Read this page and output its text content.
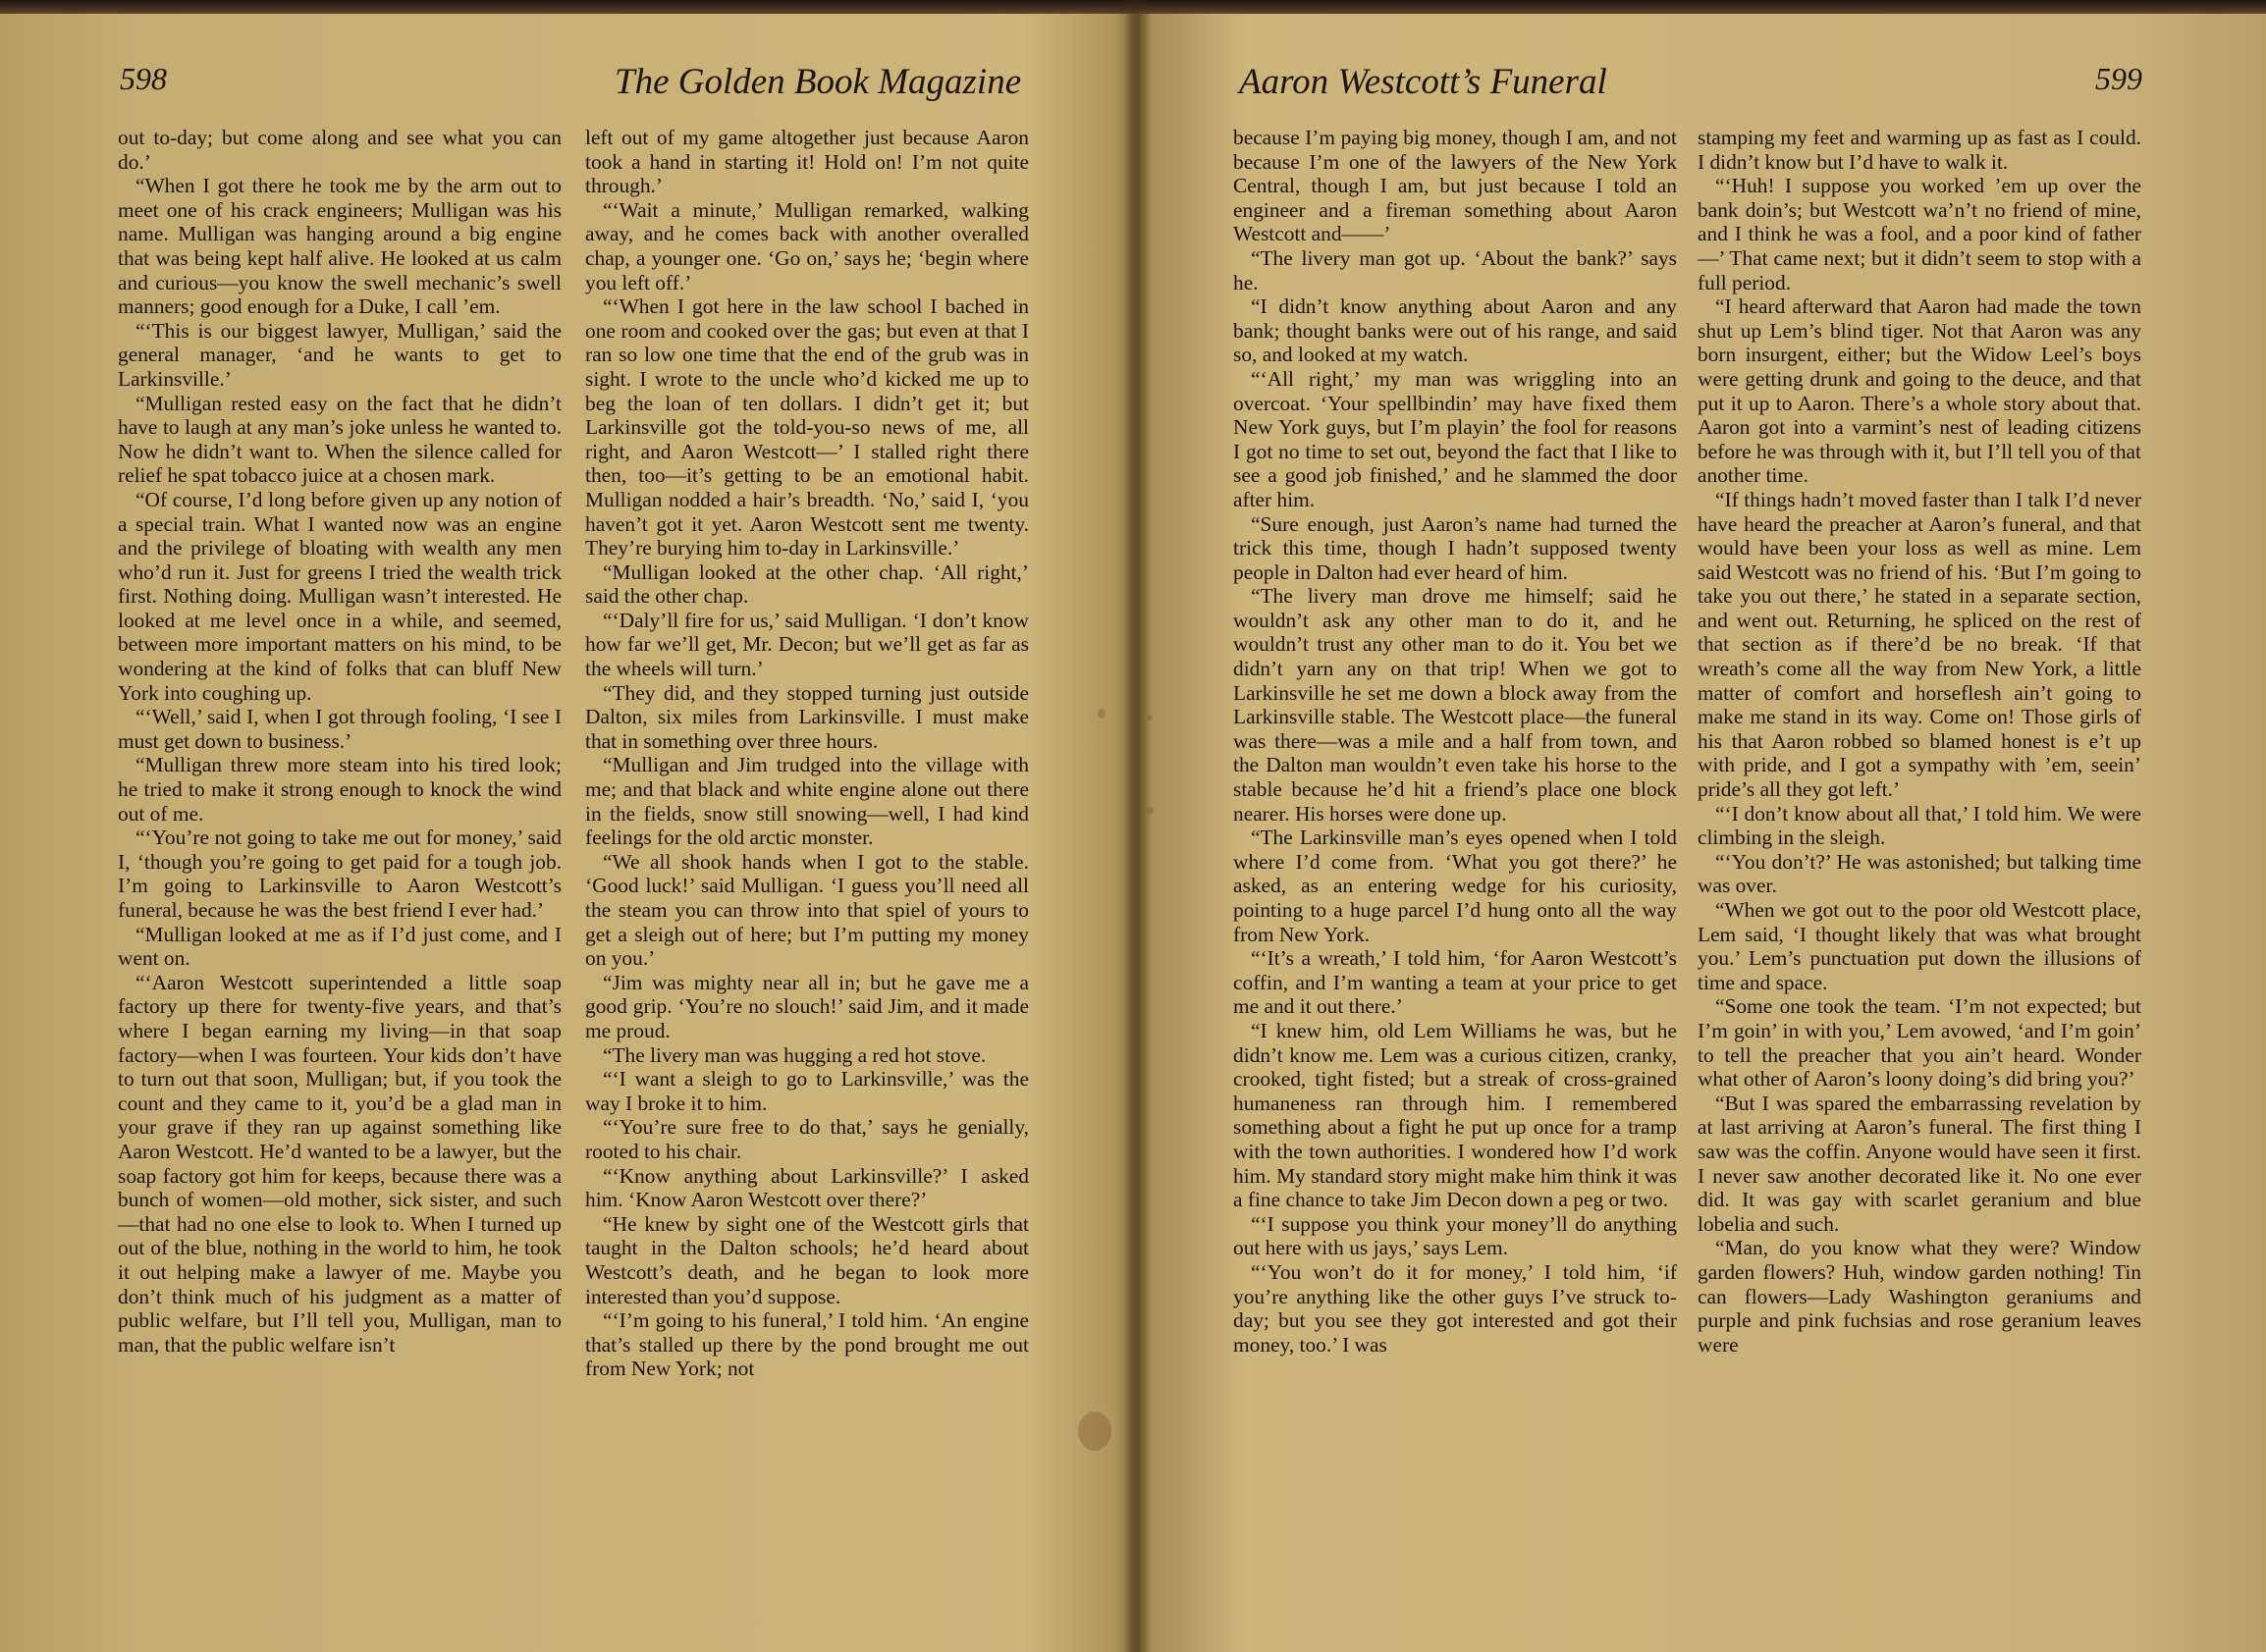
598	The Golden Book Magazine

out to-day; but come along and see what you can do.’

“When I got there he took me by the arm out to meet one of his crack engineers; Mulligan was his name. Mulligan was hanging around a big engine that was being kept half alive. He looked at us calm and curious—you know the swell mechanic’s swell manners; good enough for a Duke, I call ’em.

“‘This is our biggest lawyer, Mulligan,’ said the general manager, ‘and he wants to get to Larkinsville.’

“Mulligan rested easy on the fact that he didn’t have to laugh at any man’s joke unless he wanted to. Now he didn’t want to. When the silence called for relief he spat tobacco juice at a chosen mark.

“Of course, I’d long before given up any notion of a special train. What I wanted now was an engine and the privilege of bloating with wealth any men who’d run it. Just for greens I tried the wealth trick first. Nothing doing. Mulligan wasn’t interested. He looked at me level once in a while, and seemed, between more important matters on his mind, to be wondering at the kind of folks that can bluff New York into coughing up.

“‘Well,’ said I, when I got through fooling, ‘I see I must get down to business.’

“Mulligan threw more steam into his tired look; he tried to make it strong enough to knock the wind out of me.

“‘You’re not going to take me out for money,’ said I, ‘though you’re going to get paid for a tough job. I’m going to Larkinsville to Aaron Westcott’s funeral, because he was the best friend I ever had.’

“Mulligan looked at me as if I’d just come, and I went on.

“‘Aaron Westcott superintended a little soap factory up there for twenty-five years, and that’s where I began earning my living—in that soap factory—when I was fourteen. Your kids don’t have to turn out that soon, Mulligan; but, if you took the count and they came to it, you’d be a glad man in your grave if they ran up against something like Aaron Westcott. He’d wanted to be a lawyer, but the soap factory got him for keeps, because there was a bunch of women—old mother, sick sister, and such—that had no one else to look to. When I turned up out of the blue, nothing in the world to him, he took it out helping make a lawyer of me. Maybe you don’t think much of his judgment as a matter of public welfare, but I’ll tell you, Mulligan, man to man, that the public welfare isn’t

left out of my game altogether just because Aaron took a hand in starting it! Hold on! I’m not quite through.’

“‘Wait a minute,’ Mulligan remarked, walking away, and he comes back with another overalled chap, a younger one. ‘Go on,’ says he; ‘begin where you left off.’

“‘When I got here in the law school I bached in one room and cooked over the gas; but even at that I ran so low one time that the end of the grub was in sight. I wrote to the uncle who’d kicked me up to beg the loan of ten dollars. I didn’t get it; but Larkinsville got the told-you-so news of me, all right, and Aaron Westcott—’ I stalled right there then, too—it’s getting to be an emotional habit. Mulligan nodded a hair’s breadth. ‘No,’ said I, ‘you haven’t got it yet. Aaron Westcott sent me twenty. They’re burying him to-day in Larkinsville.’

“Mulligan looked at the other chap. ‘All right,’ said the other chap.

“‘Daly’ll fire for us,’ said Mulligan. ‘I don’t know how far we’ll get, Mr. Decon; but we’ll get as far as the wheels will turn.’

“They did, and they stopped turning just outside Dalton, six miles from Larkinsville. I must make that in something over three hours.

“Mulligan and Jim trudged into the village with me; and that black and white engine alone out there in the fields, snow still snowing—well, I had kind feelings for the old arctic monster.

“We all shook hands when I got to the stable. ‘Good luck!’ said Mulligan. ‘I guess you’ll need all the steam you can throw into that spiel of yours to get a sleigh out of here; but I’m putting my money on you.’

“Jim was mighty near all in; but he gave me a good grip. ‘You’re no slouch!’ said Jim, and it made me proud.

“The livery man was hugging a red hot stove.

“‘I want a sleigh to go to Larkinsville,’ was the way I broke it to him.

“‘You’re sure free to do that,’ says he genially, rooted to his chair.

“‘Know anything about Larkinsville?’ I asked him. ‘Know Aaron Westcott over there?’

“He knew by sight one of the Westcott girls that taught in the Dalton schools; he’d heard about Westcott’s death, and he began to look more interested than you’d suppose.

“‘I’m going to his funeral,’ I told him. ‘An engine that’s stalled up there by the pond brought me out from New York; not

Aaron Westcott’s Funeral	599

because I’m paying big money, though I am, and not because I’m one of the lawyers of the New York Central, though I am, but just because I told an engineer and a fireman something about Aaron Westcott and——’

“The livery man got up. ‘About the bank?’ says he.

“I didn’t know anything about Aaron and any bank; thought banks were out of his range, and said so, and looked at my watch.

“‘All right,’ my man was wriggling into an overcoat. ‘Your spellbindin’ may have fixed them New York guys, but I’m playin’ the fool for reasons I got no time to set out, beyond the fact that I like to see a good job finished,’ and he slammed the door after him.

“Sure enough, just Aaron’s name had turned the trick this time, though I hadn’t supposed twenty people in Dalton had ever heard of him.

“The livery man drove me himself; said he wouldn’t ask any other man to do it, and he wouldn’t trust any other man to do it. You bet we didn’t yarn any on that trip! When we got to Larkinsville he set me down a block away from the Larkinsville stable. The Westcott place—the funeral was there—was a mile and a half from town, and the Dalton man wouldn’t even take his horse to the stable because he’d hit a friend’s place one block nearer. His horses were done up.

“The Larkinsville man’s eyes opened when I told where I’d come from. ‘What you got there?’ he asked, as an entering wedge for his curiosity, pointing to a huge parcel I’d hung onto all the way from New York.

“‘It’s a wreath,’ I told him, ‘for Aaron Westcott’s coffin, and I’m wanting a team at your price to get me and it out there.’

“I knew him, old Lem Williams he was, but he didn’t know me. Lem was a curious citizen, cranky, crooked, tight fisted; but a streak of cross-grained humaneness ran through him. I remembered something about a fight he put up once for a tramp with the town authorities. I wondered how I’d work him. My standard story might make him think it was a fine chance to take Jim Decon down a peg or two.

“‘I suppose you think your money’ll do anything out here with us jays,’ says Lem.

“‘You won’t do it for money,’ I told him, ‘if you’re anything like the other guys I’ve struck to-day; but you see they got interested and got their money, too.’ I was

stamping my feet and warming up as fast as I could. I didn’t know but I’d have to walk it.

“‘Huh! I suppose you worked ’em up over the bank doin’s; but Westcott wa’n’t no friend of mine, and I think he was a fool, and a poor kind of father—’ That came next; but it didn’t seem to stop with a full period.

“I heard afterward that Aaron had made the town shut up Lem’s blind tiger. Not that Aaron was any born insurgent, either; but the Widow Leel’s boys were getting drunk and going to the deuce, and that put it up to Aaron. There’s a whole story about that. Aaron got into a varmint’s nest of leading citizens before he was through with it, but I’ll tell you of that another time.

“If things hadn’t moved faster than I talk I’d never have heard the preacher at Aaron’s funeral, and that would have been your loss as well as mine. Lem said Westcott was no friend of his. ‘But I’m going to take you out there,’ he stated in a separate section, and went out. Returning, he spliced on the rest of that section as if there’d be no break. ‘If that wreath’s come all the way from New York, a little matter of comfort and horseflesh ain’t going to make me stand in its way. Come on! Those girls of his that Aaron robbed so blamed honest is e’t up with pride, and I got a sympathy with ’em, seein’ pride’s all they got left.’

“‘I don’t know about all that,’ I told him. We were climbing in the sleigh.

“‘You don’t?’ He was astonished; but talking time was over.

“When we got out to the poor old Westcott place, Lem said, ‘I thought likely that was what brought you.’ Lem’s punctuation put down the illusions of time and space.

“Some one took the team. ‘I’m not expected; but I’m goin’ in with you,’ Lem avowed, ‘and I’m goin’ to tell the preacher that you ain’t heard. Wonder what other of Aaron’s loony doing’s did bring you?’

“But I was spared the embarrassing revelation by at last arriving at Aaron’s funeral. The first thing I saw was the coffin. Anyone would have seen it first. I never saw another decorated like it. No one ever did. It was gay with scarlet geranium and blue lobelia and such.

“Man, do you know what they were? Window garden flowers? Huh, window garden nothing! Tin can flowers—Lady Washington geraniums and purple and pink fuchsias and rose geranium leaves were
